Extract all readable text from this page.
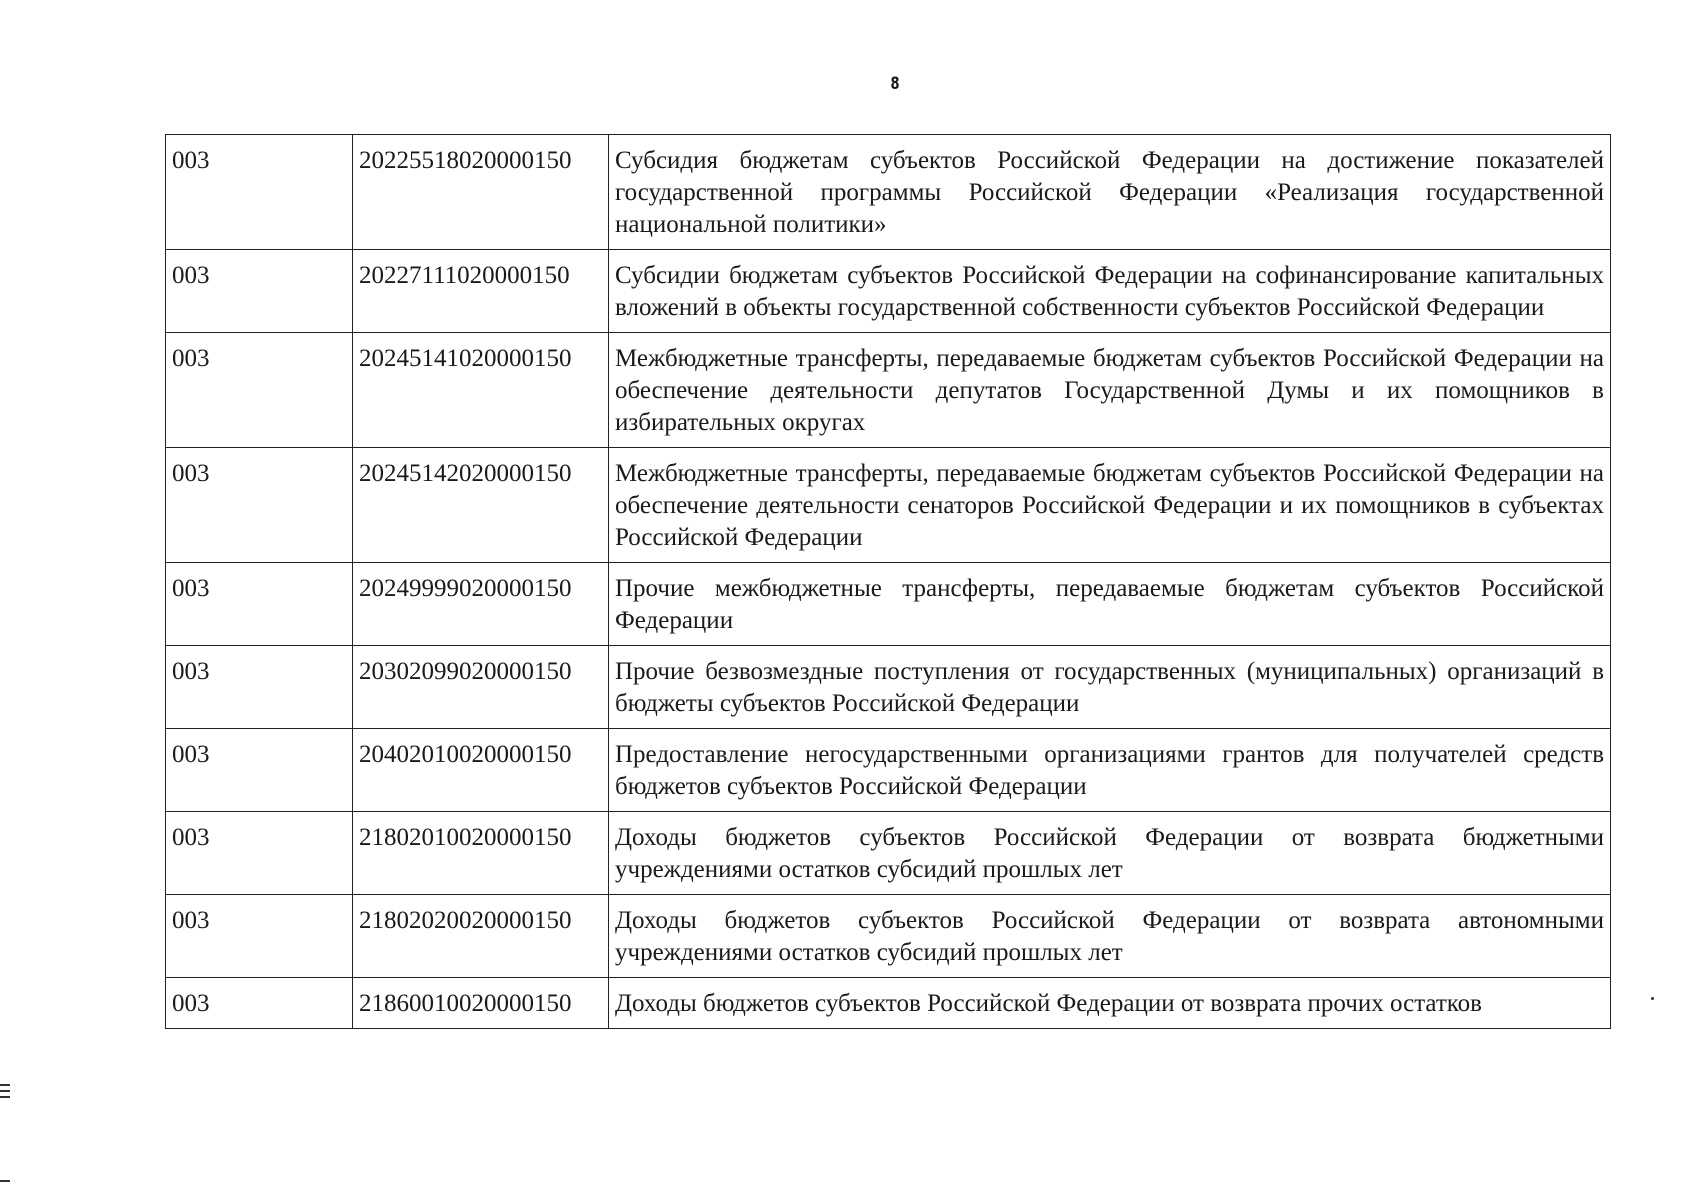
8
003	20225518020000150	Субсидия бюджетам субъектов Российской Федерации на достижение показателей государственной программы Российской Федерации «Реализация государственной национальной политики»
003	20227111020000150	Субсидии бюджетам субъектов Российской Федерации на софинансирование капитальных вложений в объекты государственной собственности субъектов Российской Федерации
003	20245141020000150	Межбюджетные трансферты, передаваемые бюджетам субъектов Российской Федерации на обеспечение деятельности депутатов Государственной Думы и их помощников в избирательных округах
003	20245142020000150	Межбюджетные трансферты, передаваемые бюджетам субъектов Российской Федерации на обеспечение деятельности сенаторов Российской Федерации и их помощников в субъектах Российской Федерации
003	20249999020000150	Прочие межбюджетные трансферты, передаваемые бюджетам субъектов Российской Федерации
003	20302099020000150	Прочие безвозмездные поступления от государственных (муниципальных) организаций в бюджеты субъектов Российской Федерации
003	20402010020000150	Предоставление негосударственными организациями грантов для получателей средств бюджетов субъектов Российской Федерации
003	21802010020000150	Доходы бюджетов субъектов Российской Федерации от возврата бюджетными учреждениями остатков субсидий прошлых лет
003	21802020020000150	Доходы бюджетов субъектов Российской Федерации от возврата автономными учреждениями остатков субсидий прошлых лет
003	21860010020000150	Доходы бюджетов субъектов Российской Федерации от возврата прочих остатков
